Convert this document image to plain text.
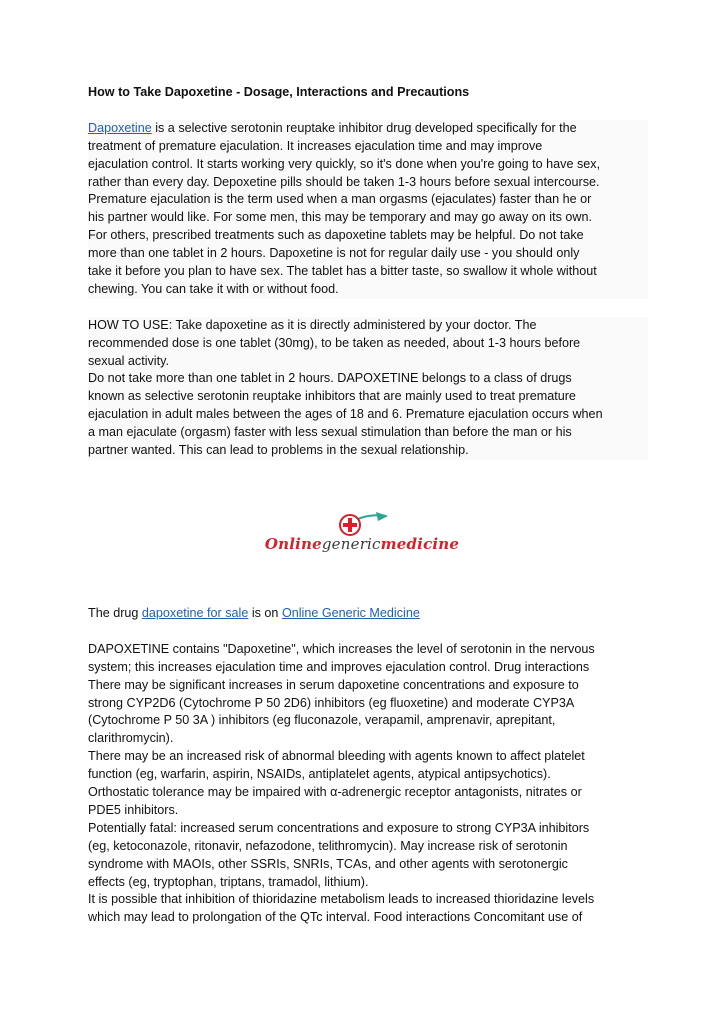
How to Take Dapoxetine - Dosage, Interactions and Precautions

Dapoxetine is a selective serotonin reuptake inhibitor drug developed specifically for the

treatment of premature ejaculation. It increases ejaculation time and may improve

ejaculation control. It starts working very quickly, so it's done when you're going to have sex,

rather than every day. Depoxetine pills should be taken 1-3 hours before sexual intercourse.

Premature ejaculation is the term used when a man orgasms (ejaculates) faster than he or

his partner would like. For some men, this may be temporary and may go away on its own.

For others, prescribed treatments such as dapoxetine tablets may be helpful. Do not take

more than one tablet in 2 hours. Dapoxetine is not for regular daily use - you should only

take it before you plan to have sex. The tablet has a bitter taste, so swallow it whole without

chewing. You can take it with or without food.

HOW TO USE: Take dapoxetine as it is directly administered by your doctor. The

recommended dose is one tablet (30mg), to be taken as needed, about 1-3 hours before

sexual activity.

Do not take more than one tablet in 2 hours. DAPOXETINE belongs to a class of drugs

known as selective serotonin reuptake inhibitors that are mainly used to treat premature

ejaculation in adult males between the ages of 18 and 6. Premature ejaculation occurs when

a man ejaculate (orgasm) faster with less sexual stimulation than before the man or his

partner wanted. This can lead to problems in the sexual relationship.

Onlinegenericmedicine

The drug dapoxetine for sale is on Online Generic Medicine

DAPOXETINE contains "Dapoxetine", which increases the level of serotonin in the nervous

system; this increases ejaculation time and improves ejaculation control. Drug interactions

There may be significant increases in serum dapoxetine concentrations and exposure to

strong CYP2D6 (Cytochrome P 50 2D6) inhibitors (eg fluoxetine) and moderate CYP3A

(Cytochrome P 50 3A ) inhibitors (eg fluconazole, verapamil, amprenavir, aprepitant,

clarithromycin).

There may be an increased risk of abnormal bleeding with agents known to affect platelet

function (eg, warfarin, aspirin, NSAIDs, antiplatelet agents, atypical antipsychotics).

Orthostatic tolerance may be impaired with α-adrenergic receptor antagonists, nitrates or

PDE5 inhibitors.

Potentially fatal: increased serum concentrations and exposure to strong CYP3A inhibitors

(eg, ketoconazole, ritonavir, nefazodone, telithromycin). May increase risk of serotonin

syndrome with MAOIs, other SSRIs, SNRIs, TCAs, and other agents with serotonergic

effects (eg, tryptophan, triptans, tramadol, lithium).

It is possible that inhibition of thioridazine metabolism leads to increased thioridazine levels

which may lead to prolongation of the QTc interval. Food interactions Concomitant use of
